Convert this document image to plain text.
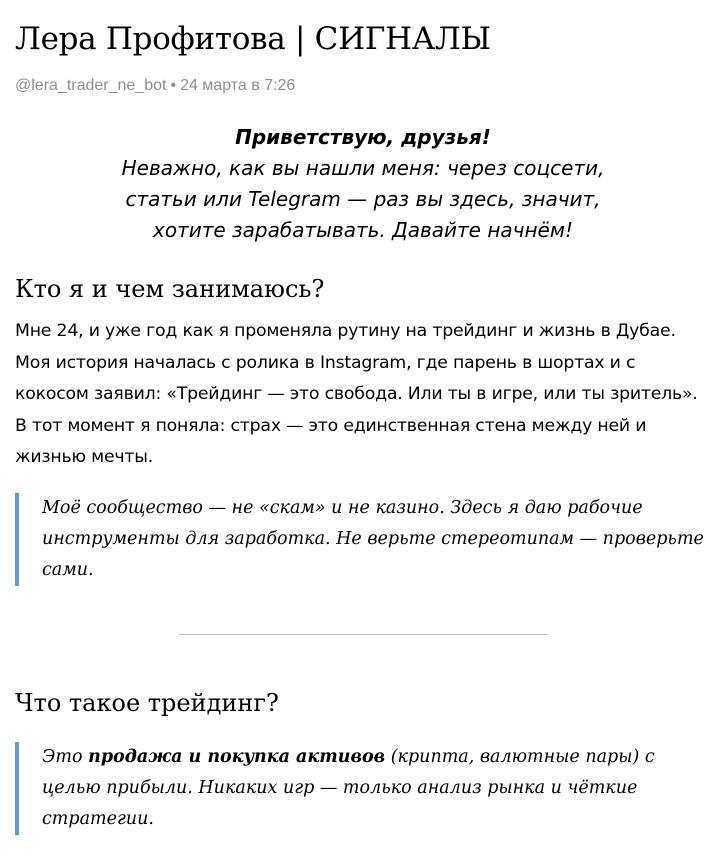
Лера Профитова | СИГНАЛЫ
@lera_trader_ne_bot • 24 марта в 7:26
Приветствую, друзья!
Неважно, как вы нашли меня: через соцсети,
статьи или Telegram — раз вы здесь, значит,
хотите зарабатывать. Давайте начнём!
Кто я и чем занимаюсь?
Мне 24, и уже год как я променяла рутину на трейдинг и жизнь в Дубае. Моя история началась с ролика в Instagram, где парень в шортах и с кокосом заявил: «Трейдинг — это свобода. Или ты в игре, или ты зритель». В тот момент я поняла: страх — это единственная стена между ней и жизнью мечты.
Моё сообщество — не «скам» и не казино. Здесь я даю рабочие инструменты для заработка. Не верьте стереотипам — проверьте сами.
Что такое трейдинг?
Это продажа и покупка активов (крипта, валютные пары) с целью прибыли. Никаких игр — только анализ рынка и чёткие стратегии.
